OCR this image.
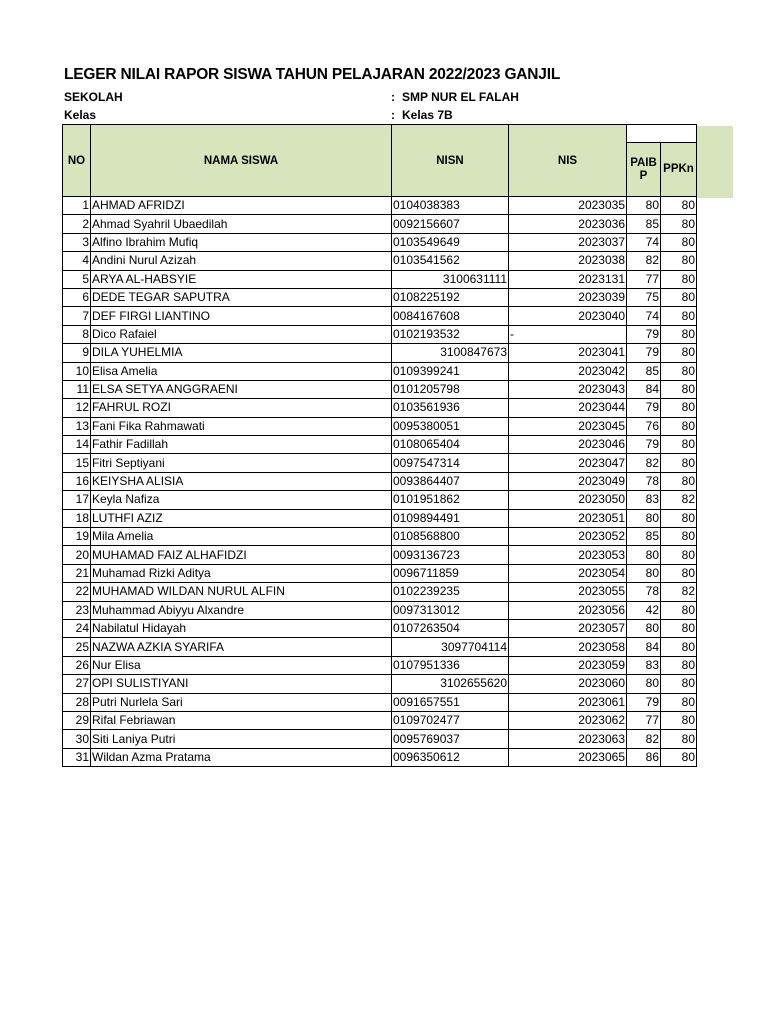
LEGER NILAI RAPOR SISWA TAHUN PELAJARAN 2022/2023 GANJIL
SEKOLAH	: SMP NUR EL FALAH
Kelas	: Kelas 7B
NO	NAMA SISWA	NISN	NIS		
				PAIB P	PPKn
1	AHMAD AFRIDZI	0104038383	2023035	80	80
2	Ahmad Syahril Ubaedilah	0092156607	2023036	85	80
3	Alfino Ibrahim Mufiq	0103549649	2023037	74	80
4	Andini Nurul Azizah	0103541562	2023038	82	80
5	ARYA AL-HABSYIE	3100631111	2023131	77	80
6	DEDE TEGAR SAPUTRA	0108225192	2023039	75	80
7	DEF FIRGI LIANTINO	0084167608	2023040	74	80
8	Dico Rafaiel	0102193532	-	79	80
9	DILA YUHELMIA	3100847673	2023041	79	80
10	Elisa Amelia	0109399241	2023042	85	80
11	ELSA SETYA ANGGRAENI	0101205798	2023043	84	80
12	FAHRUL ROZI	0103561936	2023044	79	80
13	Fani Fika Rahmawati	0095380051	2023045	76	80
14	Fathir Fadillah	0108065404	2023046	79	80
15	Fitri Septiyani	0097547314	2023047	82	80
16	KEIYSHA ALISIA	0093864407	2023049	78	80
17	Keyla Nafiza	0101951862	2023050	83	82
18	LUTHFI AZIZ	0109894491	2023051	80	80
19	Mila Amelia	0108568800	2023052	85	80
20	MUHAMAD FAIZ ALHAFIDZI	0093136723	2023053	80	80
21	Muhamad Rizki Aditya	0096711859	2023054	80	80
22	MUHAMAD WILDAN NURUL ALFIN	0102239235	2023055	78	82
23	Muhammad Abiyyu Alxandre	0097313012	2023056	42	80
24	Nabilatul Hidayah	0107263504	2023057	80	80
25	NAZWA AZKIA SYARIFA	3097704114	2023058	84	80
26	Nur Elisa	0107951336	2023059	83	80
27	OPI SULISTIYANI	3102655620	2023060	80	80
28	Putri Nurlela Sari	0091657551	2023061	79	80
29	Rifal Febriawan	0109702477	2023062	77	80
30	Siti Laniya Putri	0095769037	2023063	82	80
31	Wildan Azma Pratama	0096350612	2023065	86	80
